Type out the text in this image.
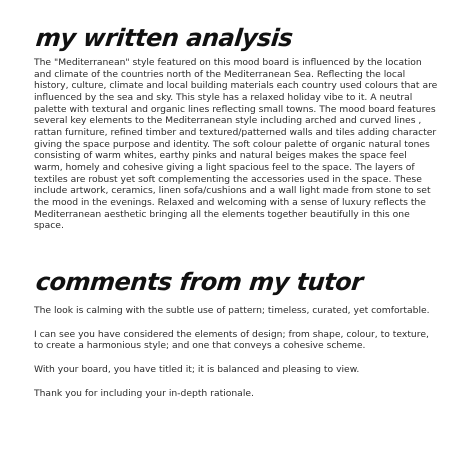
my written analysis

The "Mediterranean" style featured on this mood board is influenced by the location and climate of the countries north of the Mediterranean Sea. Reflecting the local history, culture, climate and local building materials each country used colours that are influenced by the sea and sky. This style has a relaxed holiday vibe to it. A neutral palette with textural and organic lines reflecting small towns. The mood board features several key elements to the Mediterranean style including arched and curved lines , rattan furniture, refined timber and textured/patterned walls and tiles adding character giving the space purpose and identity. The soft colour palette of organic natural tones consisting of warm whites, earthy pinks and natural beiges makes the space feel warm, homely and cohesive giving a light spacious feel to the space. The layers of textiles are robust yet soft complementing the accessories used in the space. These include artwork, ceramics, linen sofa/cushions and a wall light made from stone to set the mood in the evenings. Relaxed and welcoming with a sense of luxury reflects the Mediterranean aesthetic bringing all the elements together beautifully in this one space.

comments from my tutor

The look is calming with the subtle use of pattern; timeless, curated, yet comfortable.

I can see you have considered the elements of design; from shape, colour, to texture, to create a harmonious style; and one that conveys a cohesive scheme.

With your board, you have titled it; it is balanced and pleasing to view.

Thank you for including your in-depth rationale.
